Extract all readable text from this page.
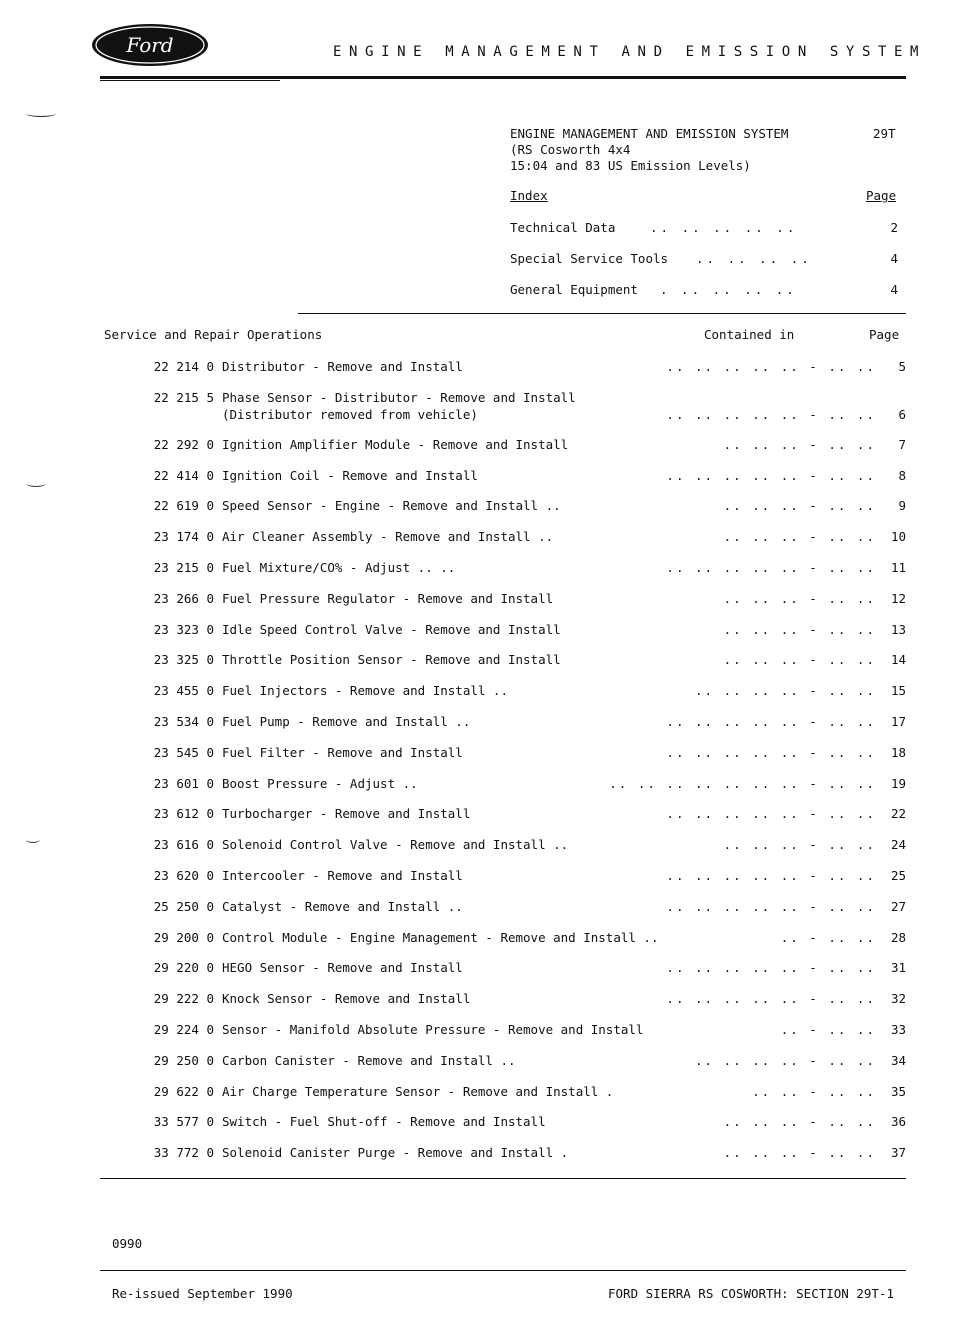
Ford	ENGINE MANAGEMENT AND EMISSION SYSTEM
ENGINE MANAGEMENT AND EMISSION SYSTEM
(RS Cosworth 4x4
15:04 and 83 US Emission Levels)
29T
Index	Page
Technical Data	.. .. .. .. ..	2
Special Service Tools .. .. .. ..	4
General Equipment . .. .. .. ..	4
Service and Repair Operations	Contained in	Page
22 214 0 Distributor - Remove and Install	.. .. .. .. .. - .. .. 5
22 215 5 Phase Sensor - Distributor - Remove and Install
(Distributor removed from vehicle)	.. .. .. .. .. - .. .. 6
22 292 0 Ignition Amplifier Module - Remove and Install	.. .. .. - .. .. 7
22 414 0 Ignition Coil - Remove and Install	.. .. .. .. .. - .. .. 8
22 619 0 Speed Sensor - Engine - Remove and Install ..	.. .. .. - .. .. 9
23 174 0 Air Cleaner Assembly - Remove and Install ..	.. .. .. - .. .. 10
23 215 0 Fuel Mixture/CO% - Adjust .. ..	.. .. .. .. .. - .. .. 11
23 266 0 Fuel Pressure Regulator - Remove and Install	.. .. .. - .. .. 12
23 323 0 Idle Speed Control Valve - Remove and Install	.. .. .. - .. .. 13
23 325 0 Throttle Position Sensor - Remove and Install	.. .. .. - .. .. 14
23 455 0 Fuel Injectors - Remove and Install ..	.. .. .. .. - .. .. 15
23 534 0 Fuel Pump - Remove and Install ..	.. .. .. .. .. - .. .. 17
23 545 0 Fuel Filter - Remove and Install	.. .. .. .. .. - .. .. 18
23 601 0 Boost Pressure - Adjust ..	.. .. .. .. .. .. .. - .. .. 19
23 612 0 Turbocharger - Remove and Install	.. .. .. .. .. - .. .. 22
23 616 0 Solenoid Control Valve - Remove and Install ..	.. .. .. - .. .. 24
23 620 0 Intercooler - Remove and Install	.. .. .. .. .. - .. .. 25
25 250 0 Catalyst - Remove and Install ..	.. .. .. .. .. - .. .. 27
29 200 0 Control Module - Engine Management - Remove and Install ..	.. - .. .. 28
29 220 0 HEGO Sensor - Remove and Install	.. .. .. .. .. - .. .. 31
29 222 0 Knock Sensor - Remove and Install	.. .. .. .. .. - .. .. 32
29 224 0 Sensor - Manifold Absolute Pressure - Remove and Install	.. - .. .. 33
29 250 0 Carbon Canister - Remove and Install ..	.. .. .. .. - .. .. 34
29 622 0 Air Charge Temperature Sensor - Remove and Install .	.. .. - .. .. 35
33 577 0 Switch - Fuel Shut-off - Remove and Install	.. .. .. - .. .. 36
33 772 0 Solenoid Canister Purge - Remove and Install .	.. .. .. - .. .. 37
0990
Re-issued September 1990	FORD SIERRA RS COSWORTH: SECTION 29T-1
